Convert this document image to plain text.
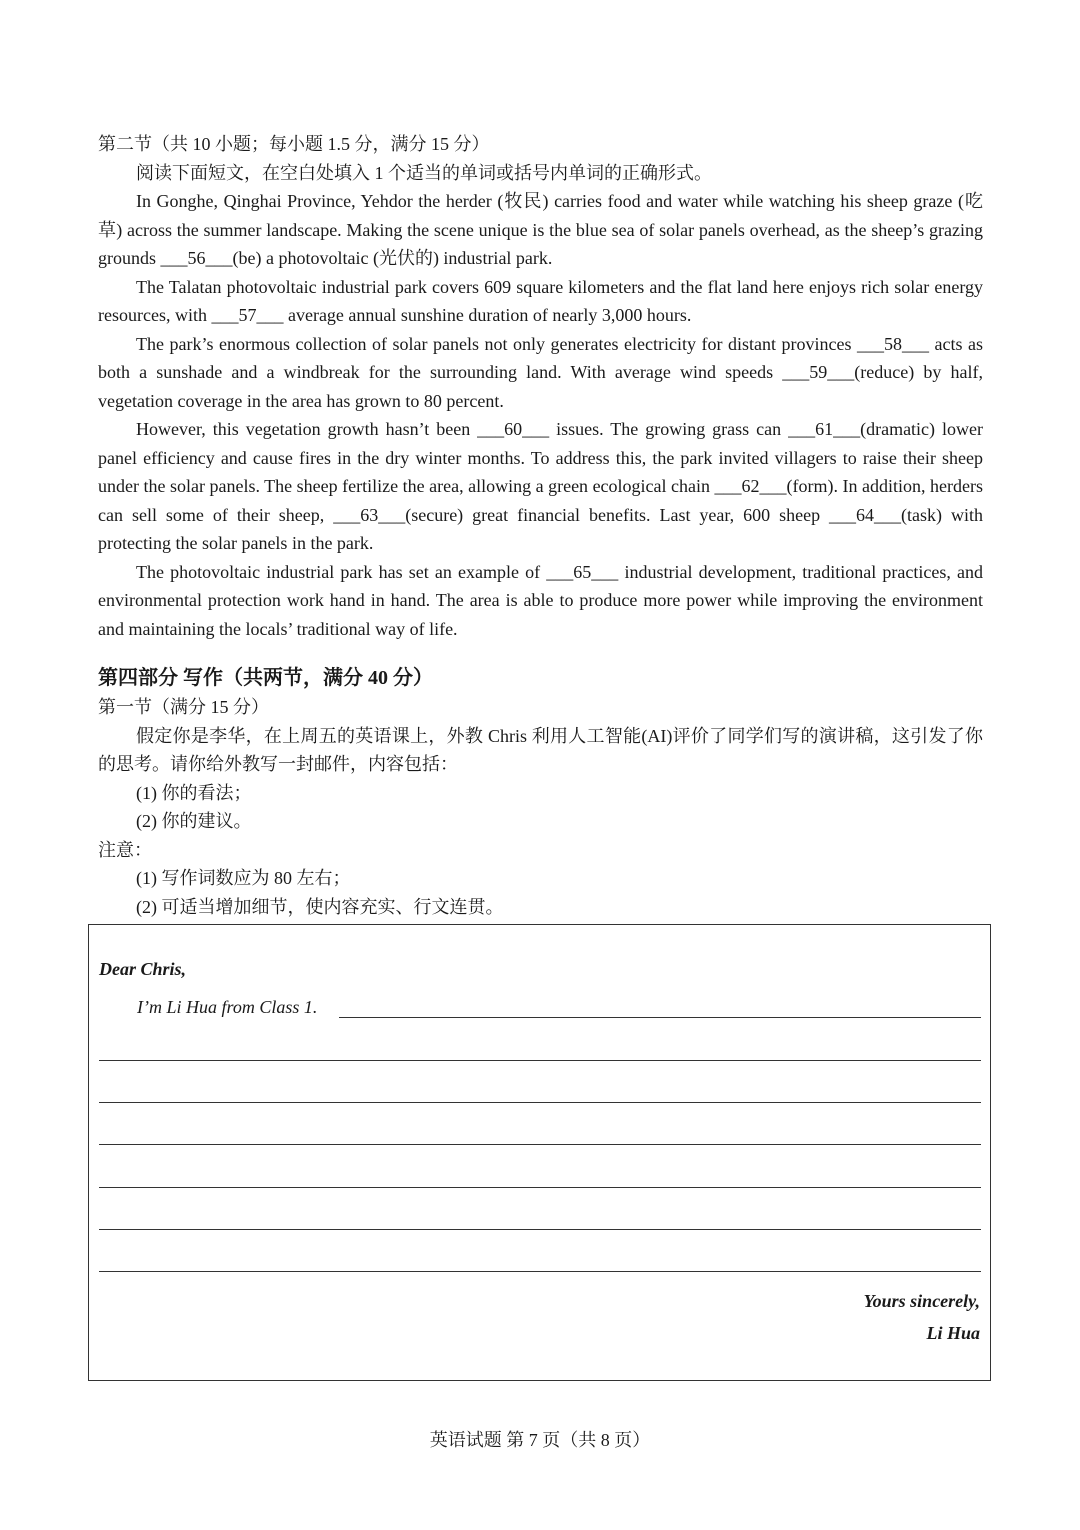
第二节（共 10 小题；每小题 1.5 分，满分 15 分）
阅读下面短文，在空白处填入 1 个适当的单词或括号内单词的正确形式。

In Gonghe, Qinghai Province, Yehdor the herder (牧民) carries food and water while watching his sheep graze (吃草) across the summer landscape. Making the scene unique is the blue sea of solar panels overhead, as the sheep’s grazing grounds ___56___(be) a photovoltaic (光伏的) industrial park.

The Talatan photovoltaic industrial park covers 609 square kilometers and the flat land here enjoys rich solar energy resources, with ___57___ average annual sunshine duration of nearly 3,000 hours.

The park’s enormous collection of solar panels not only generates electricity for distant provinces ___58___ acts as both a sunshade and a windbreak for the surrounding land. With average wind speeds ___59___(reduce) by half, vegetation coverage in the area has grown to 80 percent.

However, this vegetation growth hasn’t been ___60___ issues. The growing grass can ___61___(dramatic) lower panel efficiency and cause fires in the dry winter months. To address this, the park invited villagers to raise their sheep under the solar panels. The sheep fertilize the area, allowing a green ecological chain ___62___(form). In addition, herders can sell some of their sheep, ___63___(secure) great financial benefits. Last year, 600 sheep ___64___(task) with protecting the solar panels in the park.

The photovoltaic industrial park has set an example of ___65___ industrial development, traditional practices, and environmental protection work hand in hand. The area is able to produce more power while improving the environment and maintaining the locals’ traditional way of life.

第四部分 写作（共两节，满分 40 分）
第一节（满分 15 分）

假定你是李华，在上周五的英语课上，外教 Chris 利用人工智能(AI)评价了同学们写的演讲稿，这引发了你的思考。请你给外教写一封邮件，内容包括：

(1) 你的看法；
(2) 你的建议。
注意：
(1) 写作词数应为 80 左右；
(2) 可适当增加细节，使内容充实、行文连贯。
Dear Chris,
I’m Li Hua from Class 1.
Yours sincerely,
Li Hua
英语试题 第 7 页（共 8 页）
